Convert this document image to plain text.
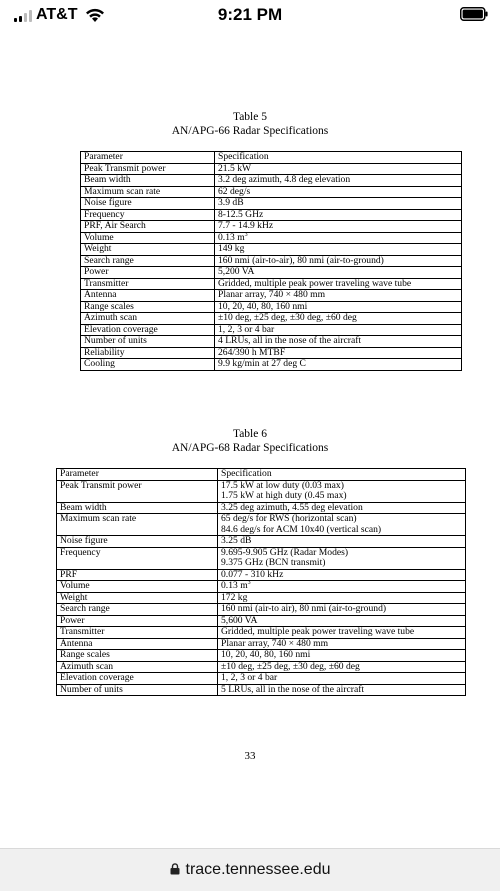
AT&T	9:21 PM
Table 5
AN/APG-66 Radar Specifications
Parameter	Specification
Peak Transmit power	21.5 kW
Beam width	3.2 deg azimuth, 4.8 deg elevation
Maximum scan rate	62 deg/s
Noise figure	3.9 dB
Frequency	8-12.5 GHz
PRF, Air Search	7.7 - 14.9 kHz
Volume	0.13 $m^3$
Weight	149 kg
Search range	160 nmi (air-to-air), 80 nmi (air-to-ground)
Power	5,200 VA
Transmitter	Gridded, multiple peak power traveling wave tube
Antenna	Planar array, 740 × 480 mm
Range scales	10, 20, 40, 80, 160 nmi
Azimuth scan	±10 deg, ±25 deg, ±30 deg, ±60 deg
Elevation coverage	1, 2, 3 or 4 bar
Number of units	4 LRUs, all in the nose of the aircraft
Reliability	264/390 h MTBF
Cooling	9.9 kg/min at 27 deg C
Table 6
AN/APG-68 Radar Specifications
Parameter	Specification
Peak Transmit power	17.5 kW at low duty (0.03 max)
1.75 kW at high duty (0.45 max)
Beam width	3.25 deg azimuth, 4.55 deg elevation
Maximum scan rate	65 deg/s for RWS (horizontal scan)
84.6 deg/s for ACM 10x40 (vertical scan)
Noise figure	3.25 dB
Frequency	9.695-9.905 GHz (Radar Modes)
9.375 GHz (BCN transmit)
PRF	0.077 - 310 kHz
Volume	0.13 $m^3$
Weight	172 kg
Search range	160 nmi (air-to air), 80 nmi (air-to-ground)
Power	5,600 VA
Transmitter	Gridded, multiple peak power traveling wave tube
Antenna	Planar array, 740 × 480 mm
Range scales	10, 20, 40, 80, 160 nmi
Azimuth scan	±10 deg, ±25 deg, ±30 deg, ±60 deg
Elevation coverage	1, 2, 3 or 4 bar
Number of units	5 LRUs, all in the nose of the aircraft
33
trace.tennessee.edu
